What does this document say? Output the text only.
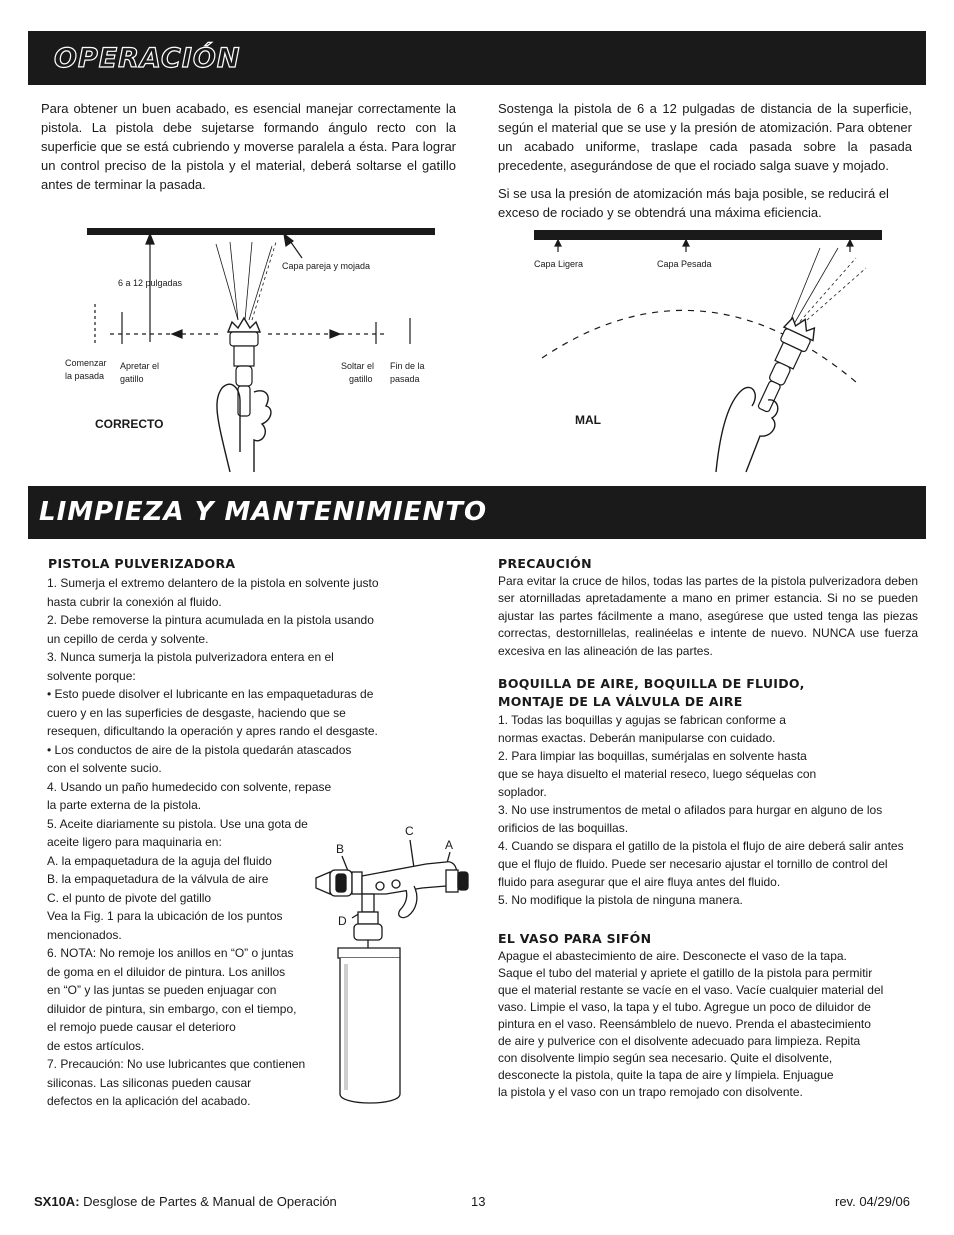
OPERACIÓN

Para obtener un buen acabado, es esencial manejar correctamente la pistola. La pistola debe sujetarse formando ángulo recto con la superficie que se está cubriendo y moverse paralela a ésta. Para lograr un control preciso de la pistola y el material, deberá soltarse el gatillo antes de terminar la pasada.

Sostenga la pistola de 6 a 12 pulgadas de distancia de la superficie, según el material que se use y la presión de atomización. Para obtener un acabado uniforme, traslape cada pasada sobre la pasada precedente, asegurándose de que el rociado salga suave y mojado.

Si se usa la presión de atomización más baja posible, se reducirá el exceso de rociado y se obtendrá una máxima eficiencia.

6 a 12 pulgadas
Capa pareja y mojada
Comenzar
la pasada
Apretar el
gatillo
Soltar el
gatillo
Fin de la
pasada
CORRECTO
Capa Ligera	Capa Pesada
MAL
LIMPIEZA Y MANTENIMIENTO
PISTOLA PULVERIZADORA
1. Sumerja el extremo delantero de la pistola en solvente justo
hasta cubrir la conexión al fluido.
2. Debe removerse la pintura acumulada en la pistola usando
un cepillo de cerda y solvente.
3. Nunca sumerja la pistola pulverizadora entera en el
solvente porque:
• Esto puede disolver el lubricante en las empaquetaduras de
cuero y en las superficies de desgaste, haciendo que se
resequen, dificultando la operación y apres rando el desgaste.
• Los conductos de aire de la pistola quedarán atascados
con el solvente sucio.
4. Usando un paño humedecido con solvente, repase
la parte externa de la pistola.
5. Aceite diariamente su pistola. Use una gota de
aceite ligero para maquinaria en:
A. la empaquetadura de la aguja del fluido
B. la empaquetadura de la válvula de aire
C. el punto de pivote del gatillo
Vea la Fig. 1 para la ubicación de los puntos
mencionados.
6. NOTA: No remoje los anillos en “O” o juntas
de goma en el diluidor de pintura. Los anillos
en “O” y las juntas se pueden enjuagar con
diluidor de pintura, sin embargo, con el tiempo,
el remojo puede causar el deterioro
de estos artículos.
7. Precaución: No use lubricantes que contienen
siliconas. Las siliconas pueden causar
defectos en la aplicación del acabado.
B
C
A
D
PRECAUCIÓN

Para evitar la cruce de hilos, todas las partes de la pistola pulverizadora deben ser atornilladas apretadamente a mano en primer estancia. Si no se pueden ajustar las partes fácilmente a mano, asegúrese que usted tenga las piezas correctas, destornillelas, realinéelas e intente de nuevo. NUNCA use fuerza excesiva en las alineación de las partes.

BOQUILLA DE AIRE, BOQUILLA DE FLUIDO,
MONTAJE DE LA VÁLVULA DE AIRE
1. Todas las boquillas y agujas se fabrican conforme a
normas exactas. Deberán manipularse con cuidado.
2. Para limpiar las boquillas, sumérjalas en solvente hasta
que se haya disuelto el material reseco, luego séquelas con
soplador.
3. No use instrumentos de metal o afilados para hurgar en alguno de los
orificios de las boquillas.
4. Cuando se dispara el gatillo de la pistola el flujo de aire deberá salir antes
que el flujo de fluido. Puede ser necesario ajustar el tornillo de control del
fluido para asegurar que el aire fluya antes del fluido.
5. No modifique la pistola de ninguna manera.
EL VASO PARA SIFÓN
Apague el abastecimiento de aire. Desconecte el vaso de la tapa.
Saque el tubo del material y apriete el gatillo de la pistola para permitir
que el material restante se vacíe en el vaso. Vacíe cualquier material del
vaso. Limpie el vaso, la tapa y el tubo. Agregue un poco de diluidor de
pintura en el vaso. Reensámblelo de nuevo. Prenda el abastecimiento
de aire y pulverice con el disolvente adecuado para limpieza. Repita
con disolvente limpio según sea necesario. Quite el disolvente,
desconecte la pistola, quite la tapa de aire y límpiela. Enjuague
la pistola y el vaso con un trapo remojado con disolvente.
SX10A: Desglose de Partes & Manual de Operación	13	rev. 04/29/06
